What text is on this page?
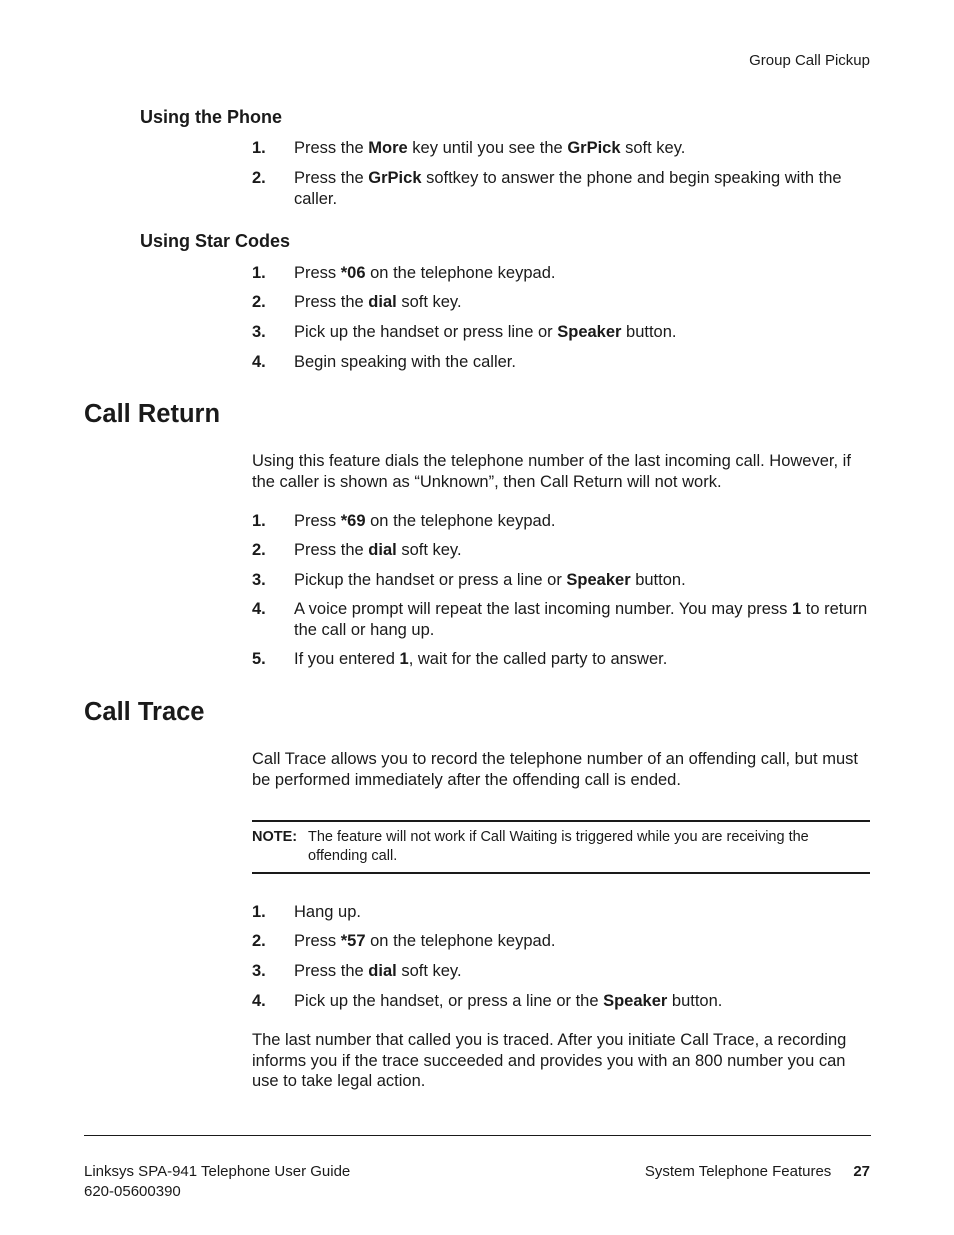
Group Call Pickup
Using the Phone
1. Press the More key until you see the GrPick soft key.
2. Press the GrPick softkey to answer the phone and begin speaking with the caller.
Using Star Codes
1. Press *06 on the telephone keypad.
2. Press the dial soft key.
3. Pick up the handset or press line or Speaker button.
4. Begin speaking with the caller.
Call Return
Using this feature dials the telephone number of the last incoming call. However, if the caller is shown as “Unknown”, then Call Return will not work.
1. Press *69 on the telephone keypad.
2. Press the dial soft key.
3. Pickup the handset or press a line or Speaker button.
4. A voice prompt will repeat the last incoming number. You may press 1 to return the call or hang up.
5. If you entered 1, wait for the called party to answer.
Call Trace
Call Trace allows you to record the telephone number of an offending call, but must be performed immediately after the offending call is ended.
NOTE: The feature will not work if Call Waiting is triggered while you are receiving the offending call.
1. Hang up.
2. Press *57 on the telephone keypad.
3. Press the dial soft key.
4. Pick up the handset, or press a line or the Speaker button.
The last number that called you is traced. After you initiate Call Trace, a recording informs you if the trace succeeded and provides you with an 800 number you can use to take legal action.
Linksys SPA-941 Telephone User Guide
620-05600390
System Telephone Features 27
